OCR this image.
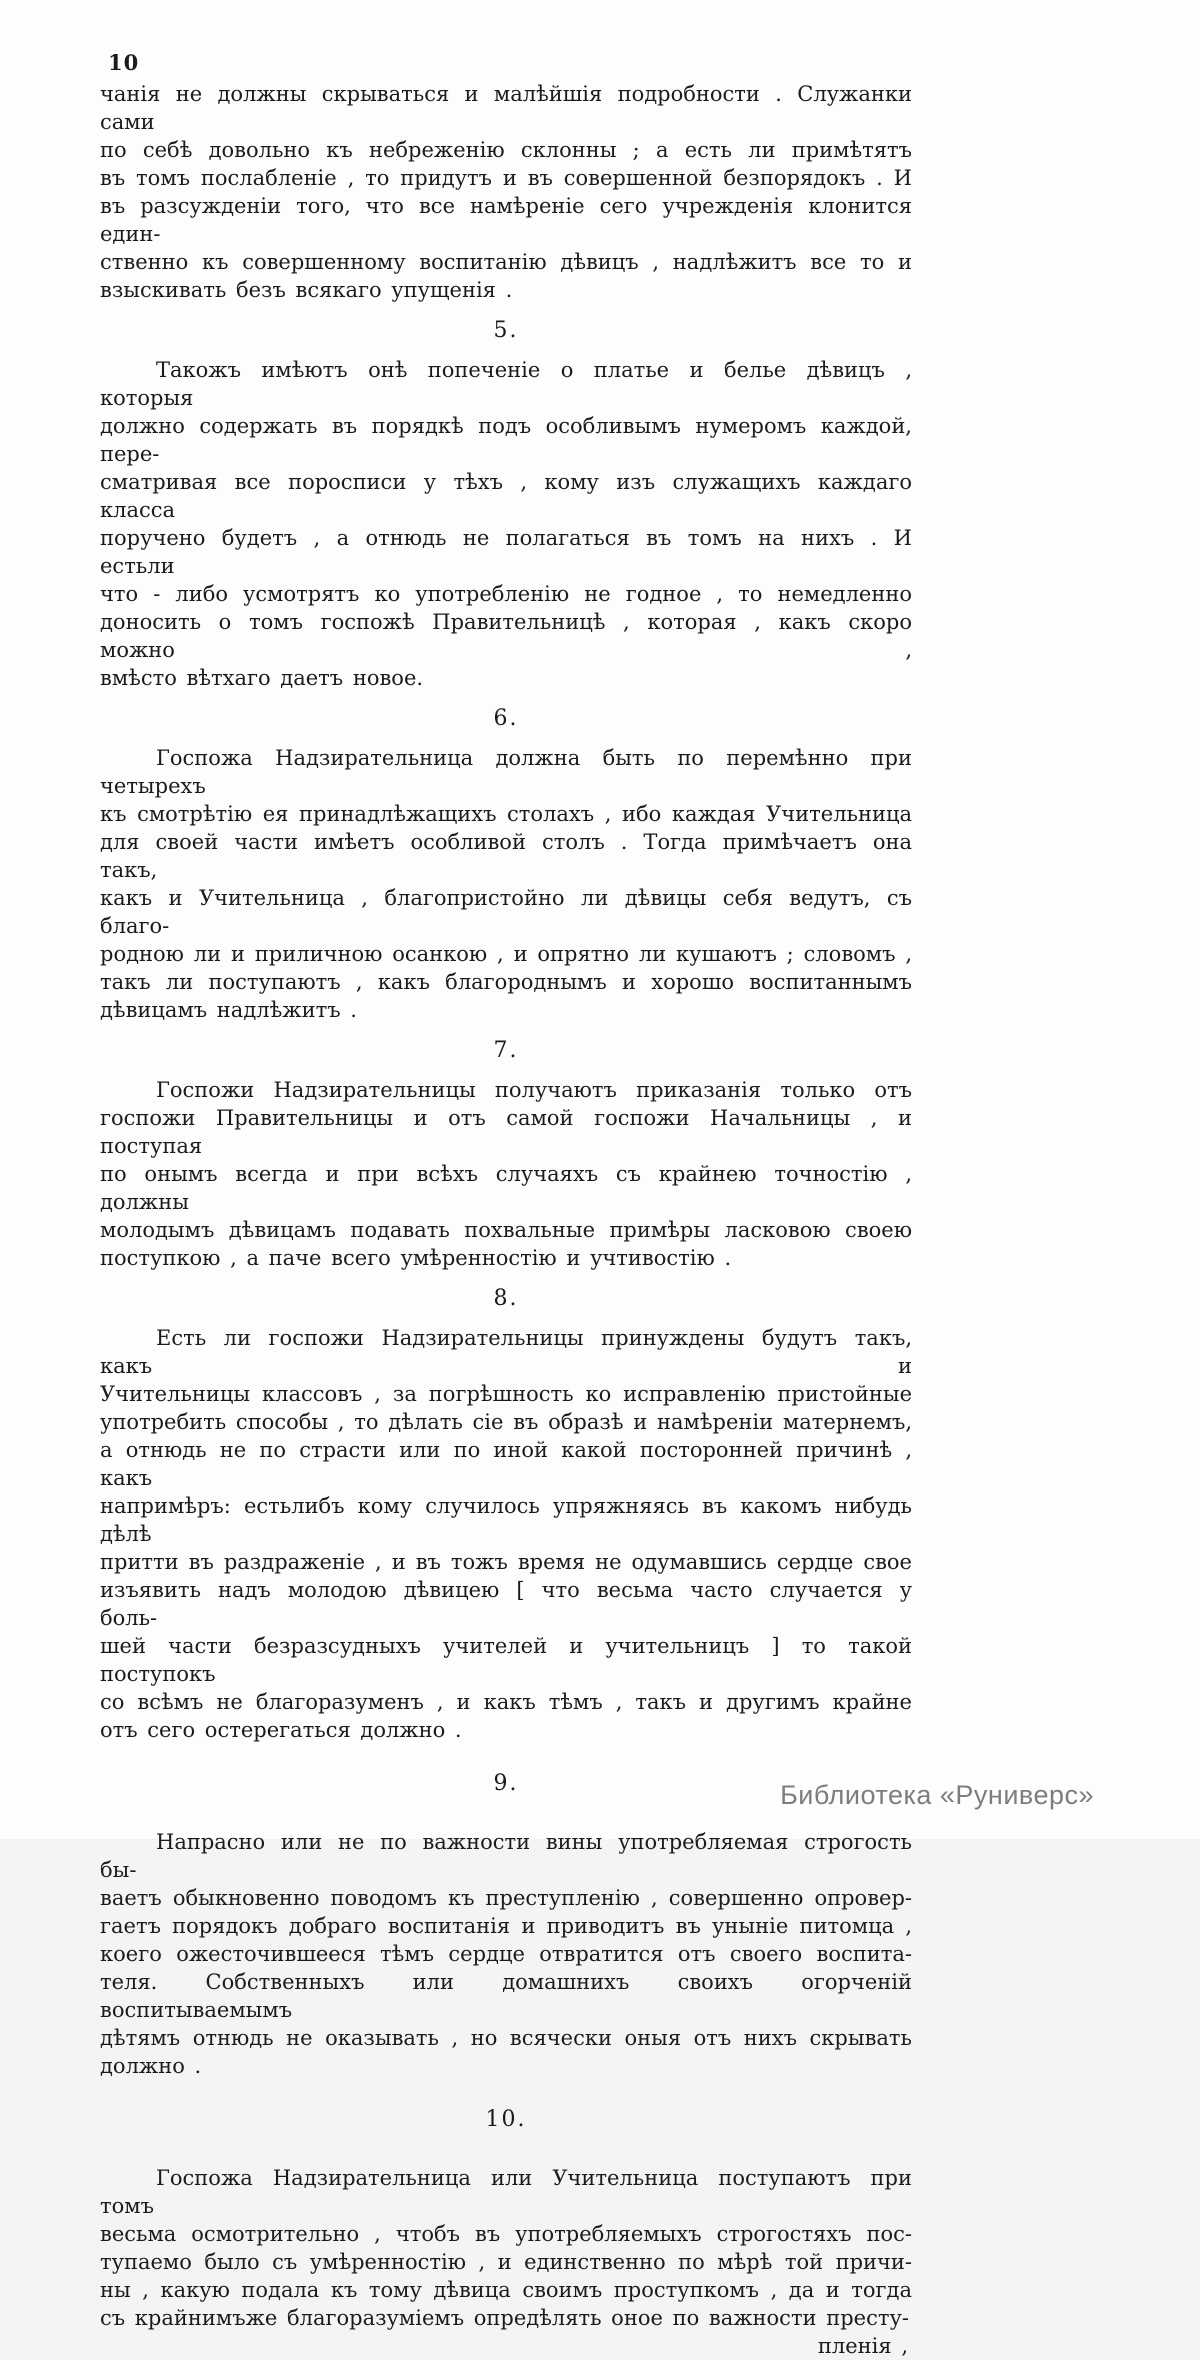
10
чанія не должны скрываться и малѣйшія подробности . Служанки сами
по себѣ довольно къ небреженію склонны ; а есть ли примѣтятъ
въ томъ послабленіе , то придутъ и въ совершенной безпорядокъ . И
въ разсужденіи того, что все намѣреніе сего учрежденія клонится един-
ственно къ совершенному воспитанію дѣвицъ , надлѣжитъ все то и
взыскивать безъ всякаго упущенія .
5.
Такожъ имѣютъ онѣ попеченіе о платье и белье дѣвицъ , которыя
должно содержать въ порядкѣ подъ особливымъ нумеромъ каждой, пере-
сматривая все поросписи у тѣхъ , кому изъ служащихъ каждаго класса
поручено будетъ , а отнюдь не полагаться въ томъ на нихъ . И естьли
что - либо усмотрятъ ко употребленію не годное , то немедленно
доносить о томъ госпожѣ Правительницѣ , которая , какъ скоро можно ,
вмѣсто вѣтхаго даетъ новое.
6.
Госпожа Надзирательница должна быть по перемѣнно при четырехъ
къ смотрѣтію ея принадлѣжащихъ столахъ , ибо каждая Учительница
для своей части имѣетъ особливой столъ . Тогда примѣчаетъ она такъ,
какъ и Учительница , благопристойно ли дѣвицы себя ведутъ, съ благо-
родною ли и приличною осанкою , и опрятно ли кушаютъ ; словомъ ,
такъ ли поступаютъ , какъ благороднымъ и хорошо воспитаннымъ
дѣвицамъ надлѣжитъ .
7.
Госпожи Надзирательницы получаютъ приказанія только отъ
госпожи Правительницы и отъ самой госпожи Начальницы , и поступая
по онымъ всегда и при всѣхъ случаяхъ съ крайнею точностію , должны
молодымъ дѣвицамъ подавать похвальные примѣры ласковою своею
поступкою , а паче всего умѣренностію и учтивостію .
8.
Есть ли госпожи Надзирательницы принуждены будутъ такъ, какъ и
Учительницы классовъ , за погрѣшность ко исправленію пристойные
употребить способы , то дѣлать сіе въ образѣ и намѣреніи матернемъ,
а отнюдь не по страсти или по иной какой посторонней причинѣ , какъ
напримѣръ: естьлибъ кому случилось упряжняясь въ какомъ нибудь дѣлѣ
притти въ раздраженіе , и въ тожъ время не одумавшись сердце свое
изъявить надъ молодою дѣвицею [ что весьма часто случается у боль-
шей части безразсудныхъ учителей и учительницъ ] то такой поступокъ
со всѣмъ не благоразуменъ , и какъ тѣмъ , такъ и другимъ крайне
отъ сего остерегаться должно .
9.
Напрасно или не по важности вины употребляемая строгость бы-
ваетъ обыкновенно поводомъ къ преступленію , совершенно опровер-
гаетъ порядокъ добраго воспитанія и приводитъ въ уныніе питомца ,
коего ожесточившееся тѣмъ сердце отвратится отъ своего воспита-
теля. Собственныхъ или домашнихъ своихъ огорченій воспитываемымъ
дѣтямъ отнюдь не оказывать , но всячески оныя отъ нихъ скрывать
должно .
10.
Госпожа Надзирательница или Учительница поступаютъ при томъ
весьма осмотрительно , чтобъ въ употребляемыхъ строгостяхъ пос-
тупаемо было съ умѣренностію , и единственно по мѣрѣ той причи-
ны , какую подала къ тому дѣвица своимъ проступкомъ , да и тогда
съ крайнимъже благоразуміемъ опредѣлять оное по важности престу-
пленія ,
Библиотека «Руниверс»
